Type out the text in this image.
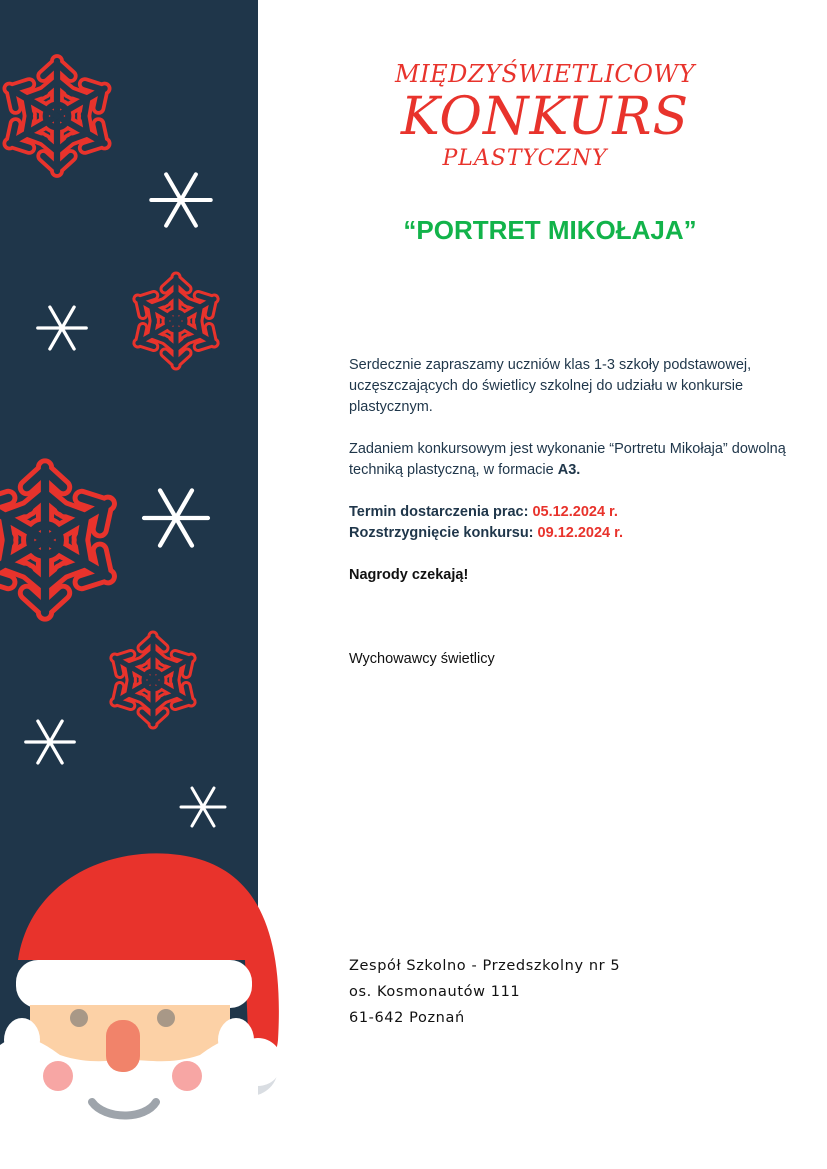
MIĘDZYŚWIETLICOWY
KONKURS
PLASTYCZNY
“PORTRET MIKOŁAJA”

Serdecznie zapraszamy uczniów klas 1-3 szkoły podstawowej, uczęszczających do świetlicy szkolnej do udziału w konkursie plastycznym.

Zadaniem konkursowym jest wykonanie “Portretu Mikołaja” dowolną techniką plastyczną, w formacie A3.

Termin dostarczenia prac: 05.12.2024 r.

Rozstrzygnięcie konkursu: 09.12.2024 r.

Nagrody czekają!

Wychowawcy świetlicy

Zespół Szkolno - Przedszkolny nr 5
os. Kosmonautów 111
61-642 Poznań
